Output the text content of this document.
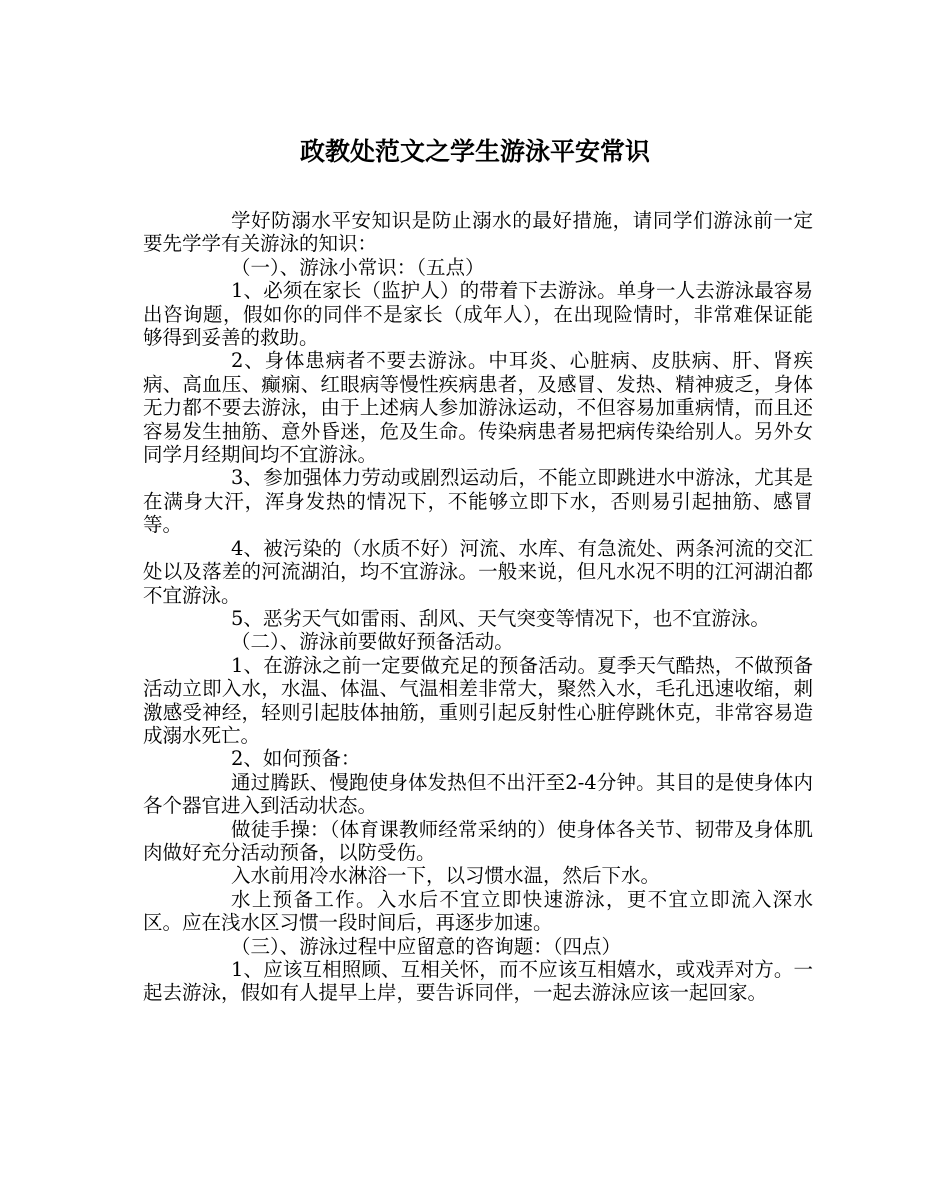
政教处范文之学生游泳平安常识

学好防溺水平安知识是防止溺水的最好措施，请同学们游泳前一定要先学学有关游泳的知识：

（一）、游泳小常识：（五点）

1、必须在家长（监护人）的带着下去游泳。单身一人去游泳最容易出咨询题，假如你的同伴不是家长（成年人），在出现险情时，非常难保证能够得到妥善的救助。

2、身体患病者不要去游泳。中耳炎、心脏病、皮肤病、肝、肾疾病、高血压、癫痫、红眼病等慢性疾病患者，及感冒、发热、精神疲乏，身体无力都不要去游泳，由于上述病人参加游泳运动，不但容易加重病情，而且还容易发生抽筋、意外昏迷，危及生命。传染病患者易把病传染给别人。另外女同学月经期间均不宜游泳。

3、参加强体力劳动或剧烈运动后，不能立即跳进水中游泳，尤其是在满身大汗，浑身发热的情况下，不能够立即下水，否则易引起抽筋、感冒等。

4、被污染的（水质不好）河流、水库、有急流处、两条河流的交汇处以及落差的河流湖泊，均不宜游泳。一般来说，但凡水况不明的江河湖泊都不宜游泳。

5、恶劣天气如雷雨、刮风、天气突变等情况下，也不宜游泳。

（二）、游泳前要做好预备活动。

1、在游泳之前一定要做充足的预备活动。夏季天气酷热，不做预备活动立即入水，水温、体温、气温相差非常大，聚然入水，毛孔迅速收缩，刺激感受神经，轻则引起肢体抽筋，重则引起反射性心脏停跳休克，非常容易造成溺水死亡。

2、如何预备：

通过腾跃、慢跑使身体发热但不出汗至2-4分钟。其目的是使身体内各个器官进入到活动状态。

做徒手操：（体育课教师经常采纳的）使身体各关节、韧带及身体肌肉做好充分活动预备，以防受伤。

入水前用冷水淋浴一下，以习惯水温，然后下水。

水上预备工作。入水后不宜立即快速游泳，更不宜立即流入深水区。应在浅水区习惯一段时间后，再逐步加速。

（三）、游泳过程中应留意的咨询题：（四点）

1、应该互相照顾、互相关怀，而不应该互相嬉水，或戏弄对方。一起去游泳，假如有人提早上岸，要告诉同伴，一起去游泳应该一起回家。
